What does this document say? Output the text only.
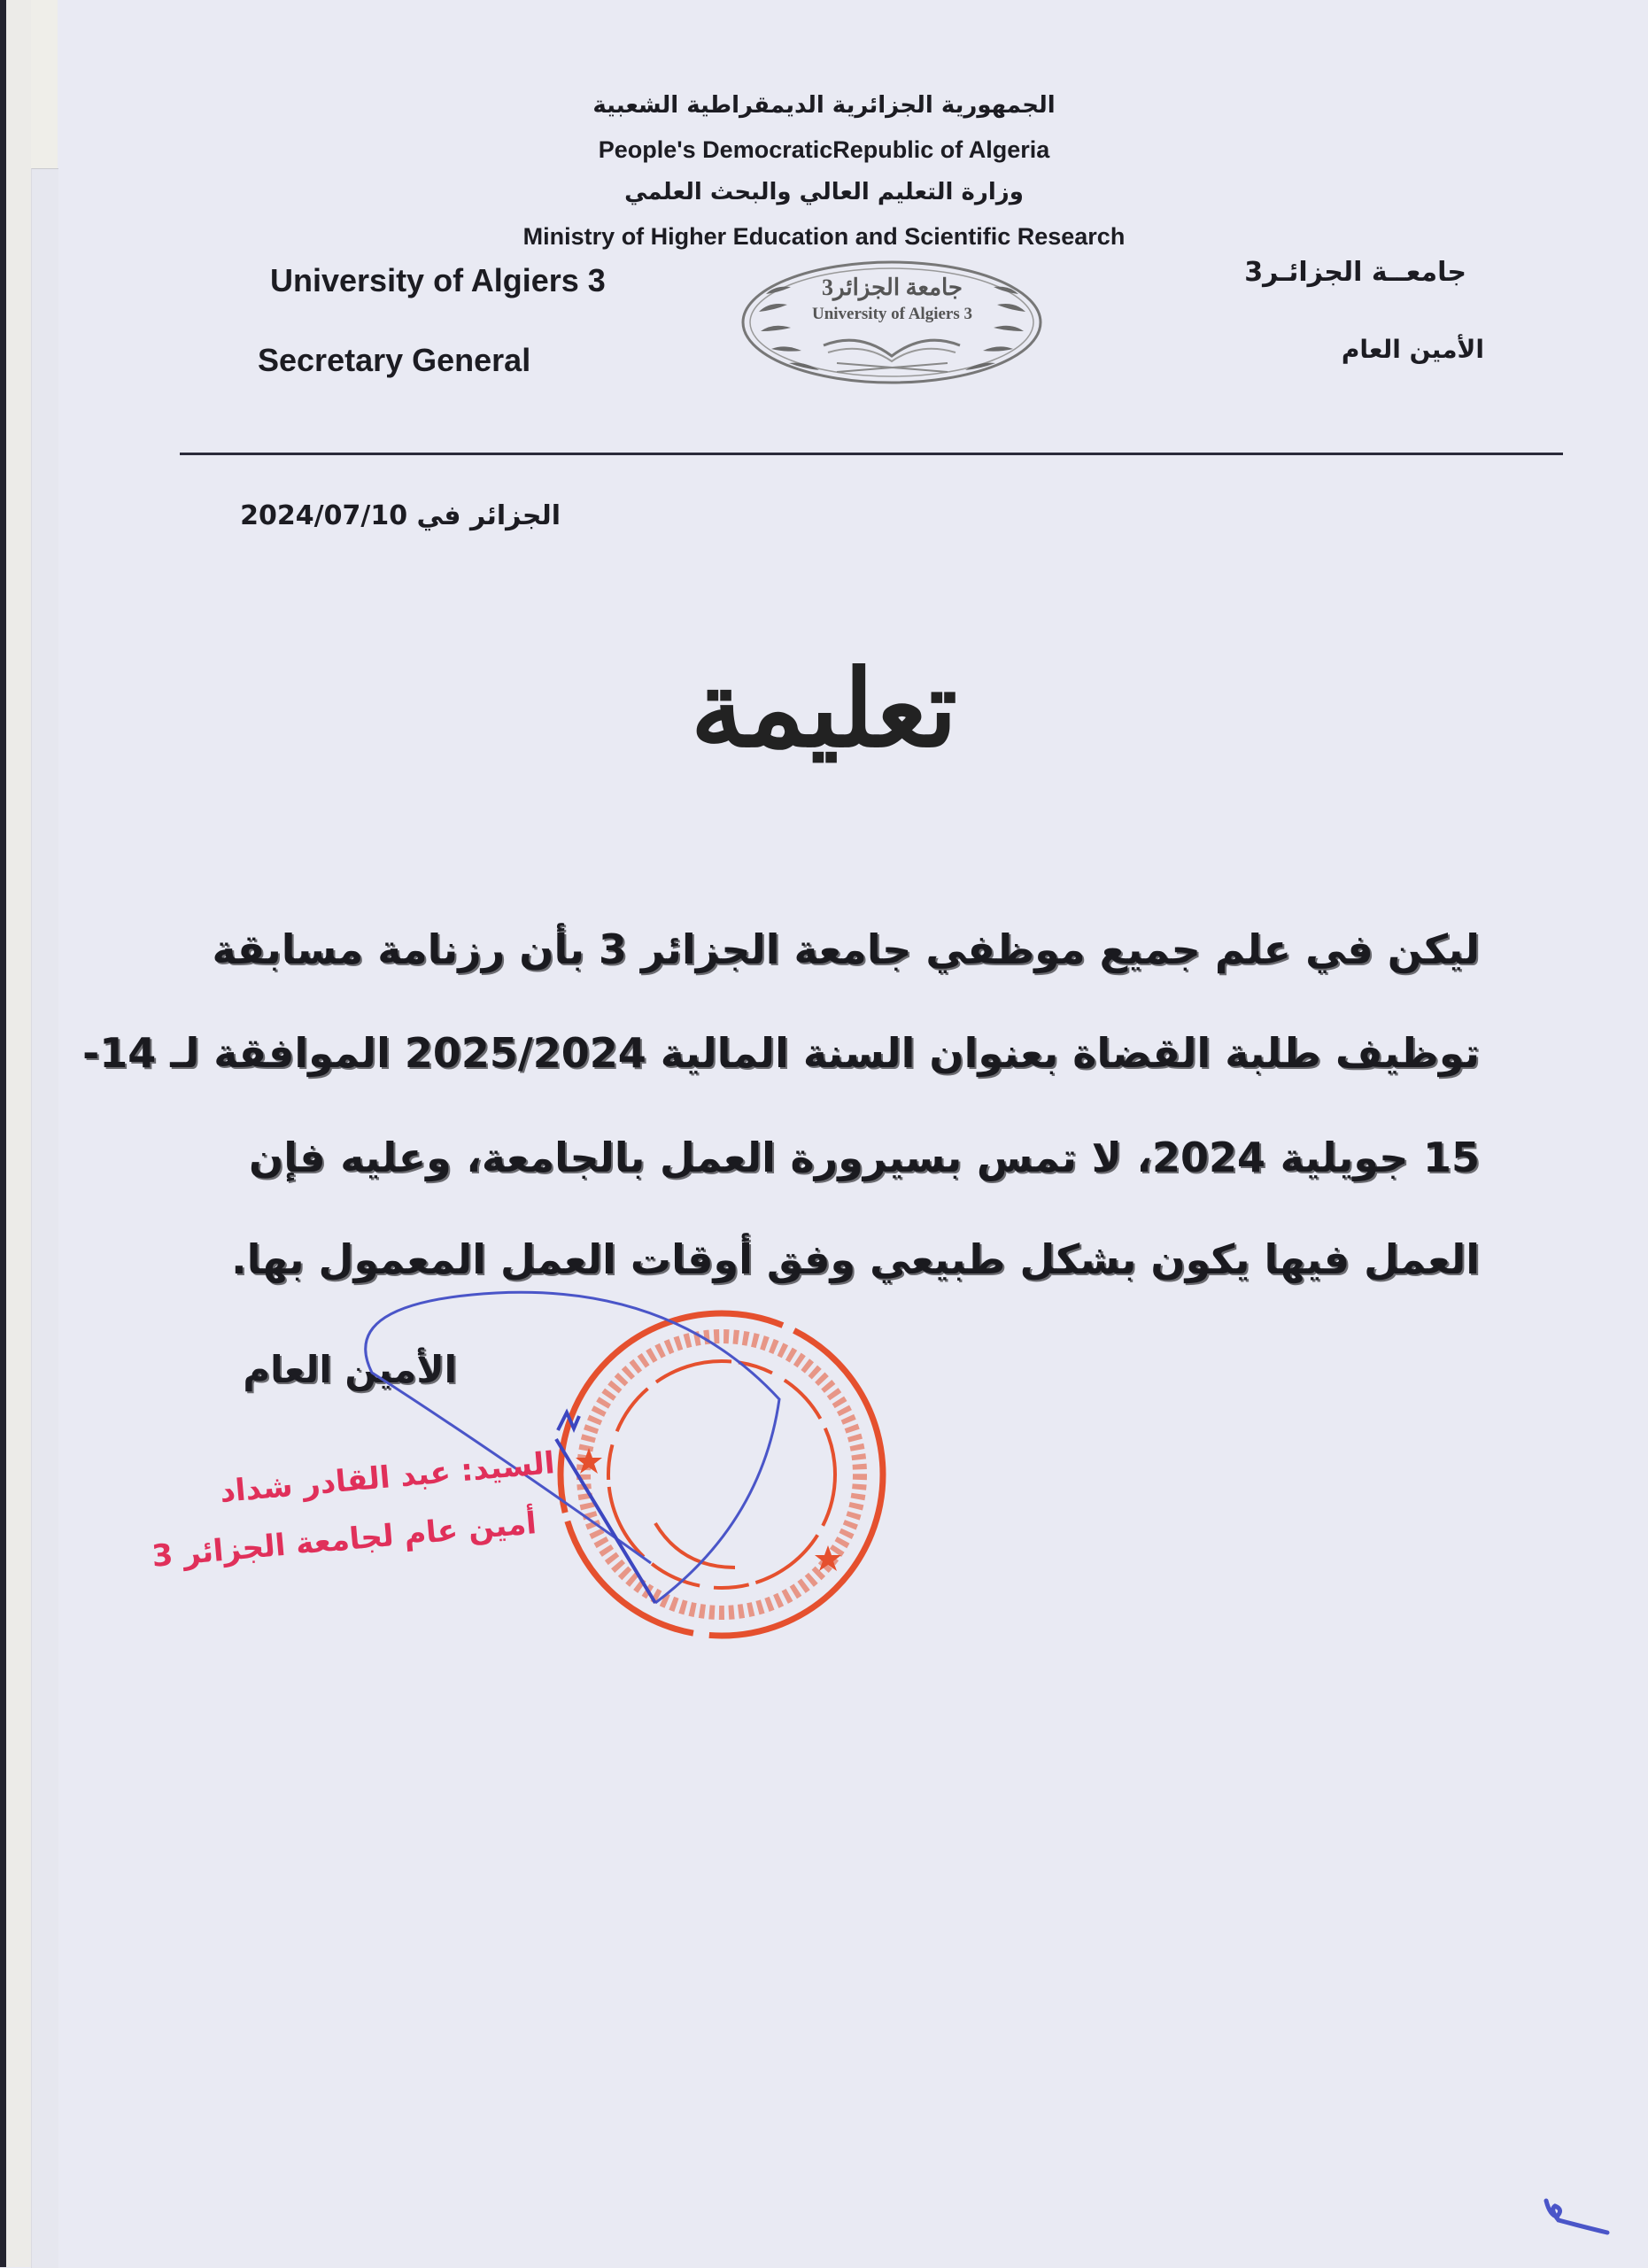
الجمهورية الجزائرية الديمقراطية الشعبية
People's DemocraticRepublic of Algeria
وزارة التعليم العالي والبحث العلمي
Ministry of Higher Education and Scientific Research
University of Algiers 3
Secretary General
جامعــة الجزائـر3
الأمين العام
جامعة الجزائر3
University of Algiers 3
الجزائر في 2024/07/10
تعليمة
ليكن في علم جميع موظفي جامعة الجزائر 3 بأن رزنامة مسابقة
توظيف طلبة القضاة بعنوان السنة المالية 2025/2024 الموافقة لـ 14-
15 جويلية 2024، لا تمس بسيرورة العمل بالجامعة، وعليه فإن
العمل فيها يكون بشكل طبيعي وفق أوقات العمل المعمول بها.
الأمين العام
السيد: عبد القادر شداد
أمين عام لجامعة الجزائر 3
